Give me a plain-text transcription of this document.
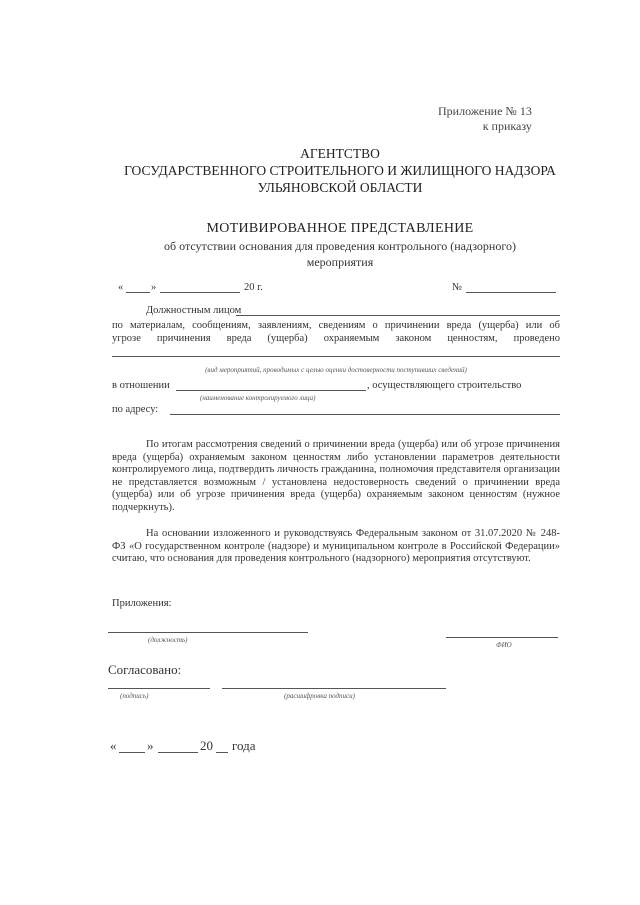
Приложение № 13
к приказу
АГЕНТСТВО
ГОСУДАРСТВЕННОГО СТРОИТЕЛЬНОГО И ЖИЛИЩНОГО НАДЗОРА
УЛЬЯНОВСКОЙ ОБЛАСТИ
МОТИВИРОВАННОЕ ПРЕДСТАВЛЕНИЕ
об отсутствии основания для проведения контрольного (надзорного)
мероприятия
«	»	20 г.	№
Должностным лицом
по материалам, сообщениям, заявлениям, сведениям о причинении вреда (ущерба) или об
угрозе причинения вреда (ущерба) охраняемым законом ценностям, проведено
(вид мероприятий, проводимых с целью оценки достоверности поступивших сведений)
в отношении	, осуществляющего строительство
(наименование контролируемого лица)
по адресу:
По итогам рассмотрения сведений о причинении вреда (ущерба) или об угрозе причинения вреда (ущерба) охраняемым законом ценностям либо установлении параметров деятельности контролируемого лица, подтвердить личность гражданина, полномочия представителя организации не представляется возможным / установлена недостоверность сведений о причинении вреда (ущерба) или об угрозе причинения вреда (ущерба) охраняемым законом ценностям (нужное подчеркнуть).
На основании изложенного и руководствуясь Федеральным законом от 31.07.2020 № 248-ФЗ «О государственном контроле (надзоре) и муниципальном контроле в Российской Федерации» считаю, что основания для проведения контрольного (надзорного) мероприятия отсутствуют.
Приложения:
(должность)
ФИО
Согласовано:
(подпись)	(расшифровка подписи)
« »	20 года
